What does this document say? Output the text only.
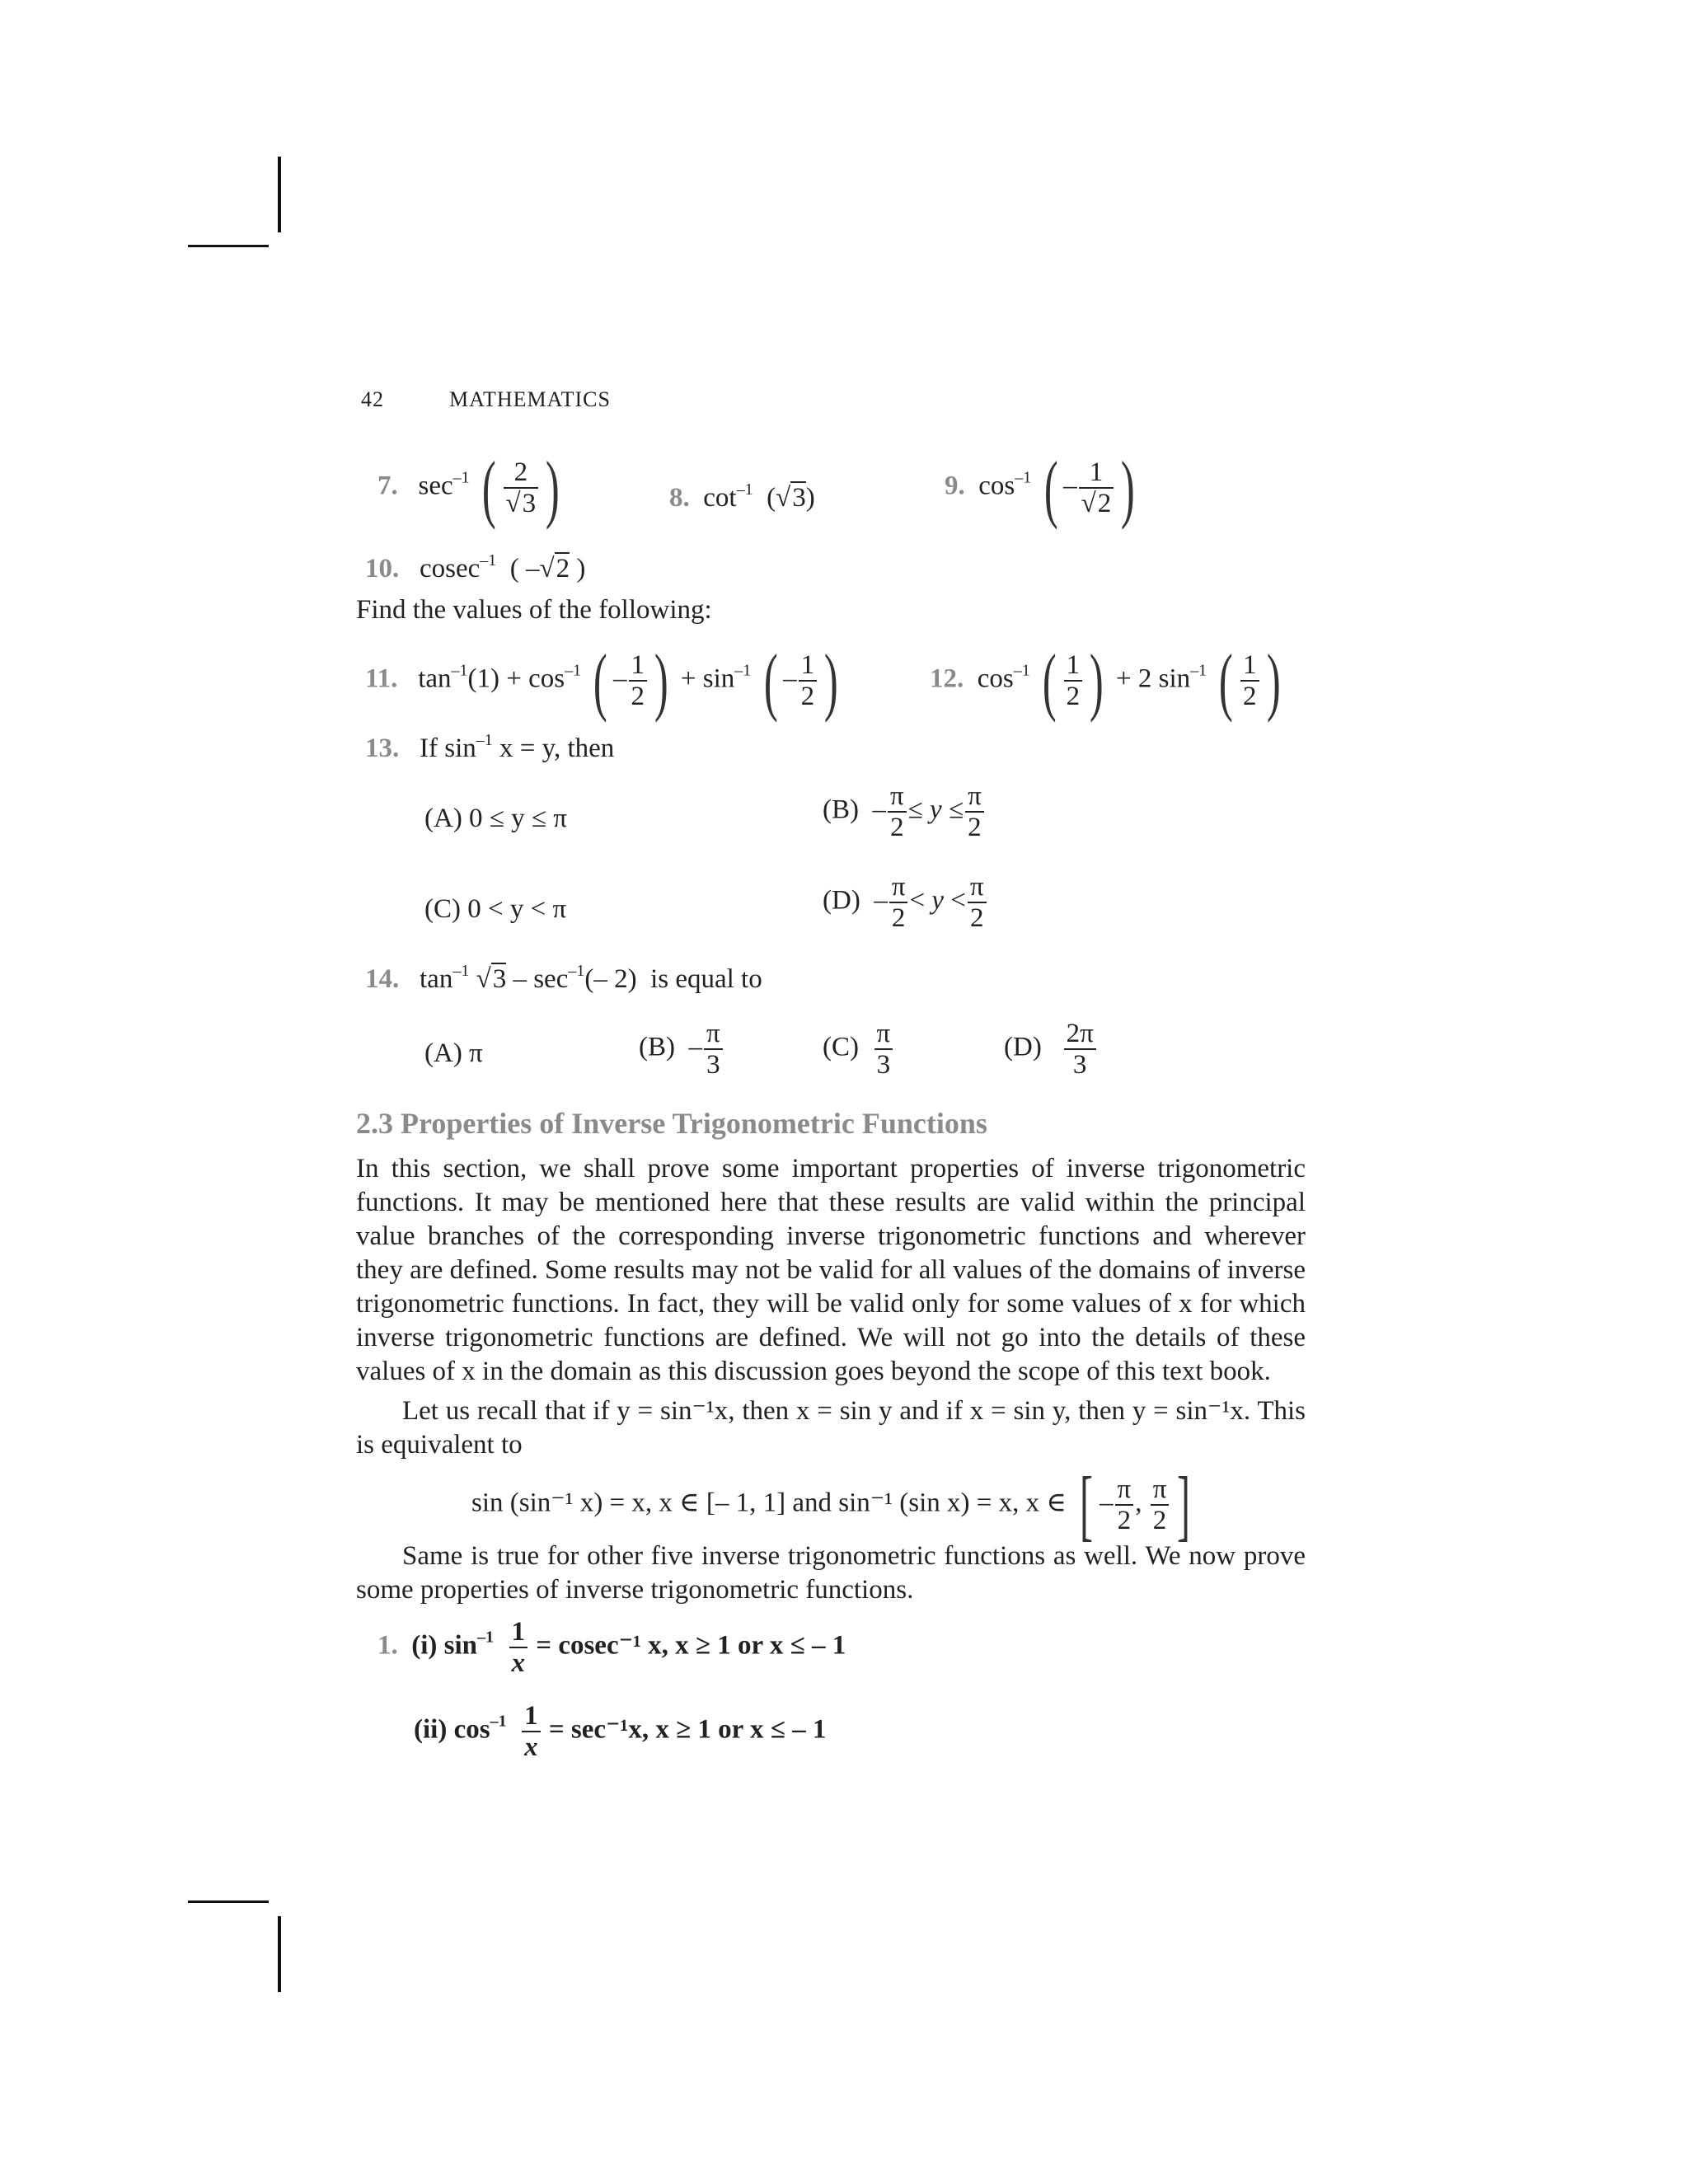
42	MATHEMATICS
7. $\sec^{-1}$ ( $\frac{2}{√3}$ )	8. $\cot^{-1} (√3)$	9. $\cos^{-1}$ ( – $\frac{1}{√2}$ )
10. cosec$^{-1}$  ( –√2 )
Find the values of the following:
11. $\tan^{-1}(1) + \cos^{-1}$ ( – $\frac{1}{2}$ ) + $\sin^{-1}$ ( – $\frac{1}{2}$ )	12. $\cos^{-1}$ ( $\frac{1}{2}$ ) + 2 $\sin^{-1}$ ( $\frac{1}{2}$ )
13. If $\sin^{-1} x = y$, then
(A) 0 ≤ y ≤ π	$(B) - \frac{\pi}{2} \le y \le \frac{\pi}{2}$
(C) 0 < y < π	$(D) - \frac{\pi}{2} < y < \frac{\pi}{2}$
14. $\tan^{-1} √3 - \sec^{-1}(-$ 2) is equal to
(A) π	$(B) - \frac{\pi}{3}$	$(C) \frac{\pi}{3}$	$(D) \frac{2\pi}{3}$
2.3 Properties of Inverse Trigonometric Functions
In this section, we shall prove some important properties of inverse trigonometric functions. It may be mentioned here that these results are valid within the principal value branches of the corresponding inverse trigonometric functions and wherever they are defined. Some results may not be valid for all values of the domains of inverse trigonometric functions. In fact, they will be valid only for some values of x for which inverse trigonometric functions are defined. We will not go into the details of these values of x in the domain as this discussion goes beyond the scope of this text book.
Let us recall that if y = sin⁻¹x, then x = sin y and if x = sin y, then y = sin⁻¹x. This is equivalent to
sin (sin⁻¹ x) = x, x ∈ [– 1, 1] and sin⁻¹ (sin x) = x, x ∈ [ – $\frac{\pi}{2}$ , $\frac{\pi}{2}$ ]
Same is true for other five inverse trigonometric functions as well. We now prove some properties of inverse trigonometric functions.
1. (i) $\sin^{-1} \frac{1}{x} = cosec^{-1}$ x, x ≥ 1 or x ≤ – 1
(ii) $\cos^{-1} \frac{1}{x} = \sec^{-1}x$, x ≥ 1 or x ≤ – 1
